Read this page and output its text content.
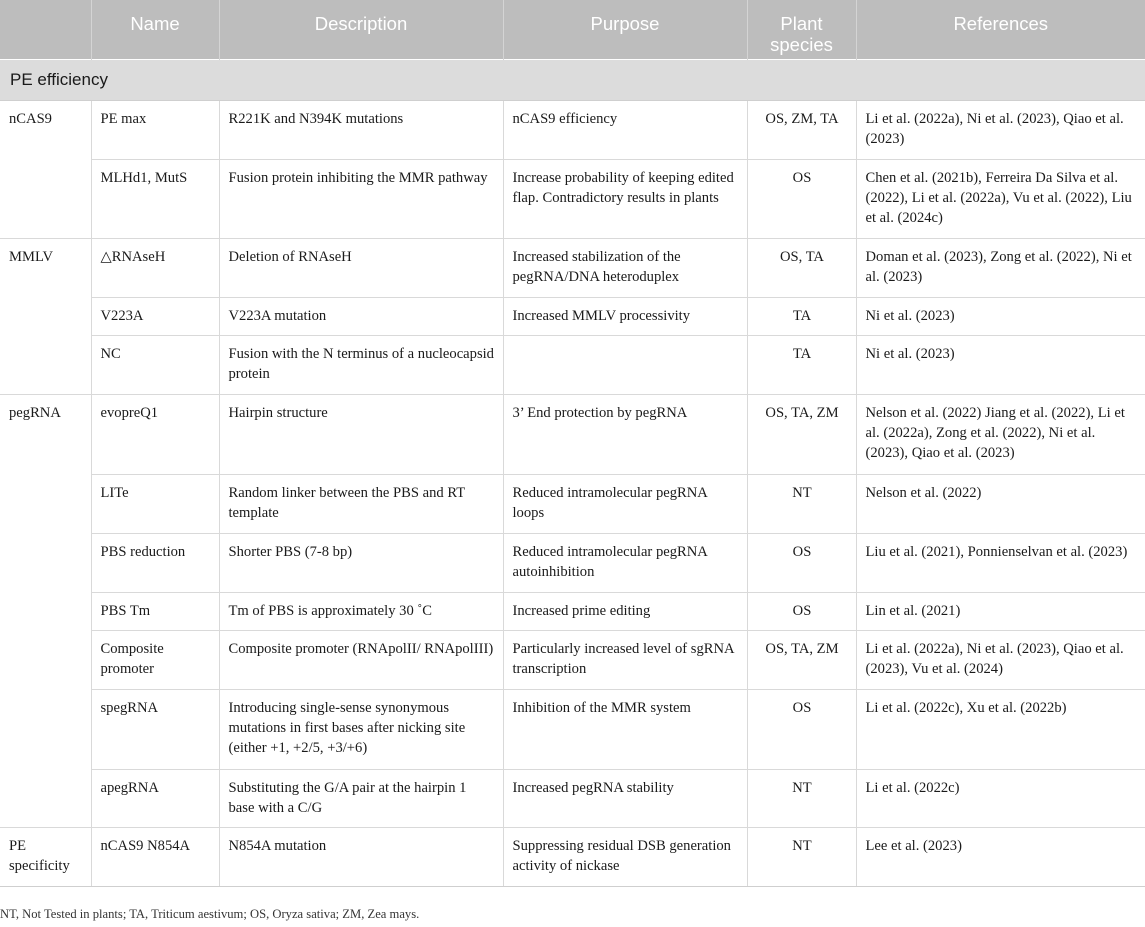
	Name	Description	Purpose	Plant species	References
PE efficiency					
nCAS9	PE max	R221K and N394K mutations	nCAS9 efficiency	OS, ZM, TA	Li et al. (2022a), Ni et al. (2023), Qiao et al. (2023)
	MLHd1, MutS	Fusion protein inhibiting the MMR pathway	Increase probability of keeping edited flap. Contradictory results in plants	OS	Chen et al. (2021b), Ferreira Da Silva et al. (2022), Li et al. (2022a), Vu et al. (2022), Liu et al. (2024c)
MMLV	△RNAseH	Deletion of RNAseH	Increased stabilization of the pegRNA/DNA heteroduplex	OS, TA	Doman et al. (2023), Zong et al. (2022), Ni et al. (2023)
	V223A	V223A mutation	Increased MMLV processivity	TA	Ni et al. (2023)
	NC	Fusion with the N terminus of a nucleocapsid protein		TA	Ni et al. (2023)
pegRNA	evopreQ1	Hairpin structure	3’ End protection by pegRNA	OS, TA, ZM	Nelson et al. (2022) Jiang et al. (2022), Li et al. (2022a), Zong et al. (2022), Ni et al. (2023), Qiao et al. (2023)
	LITe	Random linker between the PBS and RT template	Reduced intramolecular pegRNA loops	NT	Nelson et al. (2022)
	PBS reduction	Shorter PBS (7-8 bp)	Reduced intramolecular pegRNA autoinhibition	OS	Liu et al. (2021), Ponnienselvan et al. (2023)
	PBS Tm	Tm of PBS is approximately 30 ˚C	Increased prime editing	OS	Lin et al. (2021)
	Composite promoter	Composite promoter (RNApolII/ RNApolIII)	Particularly increased level of sgRNA transcription	OS, TA, ZM	Li et al. (2022a), Ni et al. (2023), Qiao et al. (2023), Vu et al. (2024)
	spegRNA	Introducing single-sense synonymous mutations in first bases after nicking site (either +1, +2/5, +3/+6)	Inhibition of the MMR system	OS	Li et al. (2022c), Xu et al. (2022b)
	apegRNA	Substituting the G/A pair at the hairpin 1 base with a C/G	Increased pegRNA stability	NT	Li et al. (2022c)
PE specificity	nCAS9 N854A	N854A mutation	Suppressing residual DSB generation activity of nickase	NT	Lee et al. (2023)
NT, Not Tested in plants; TA, Triticum aestivum; OS, Oryza sativa; ZM, Zea mays.
